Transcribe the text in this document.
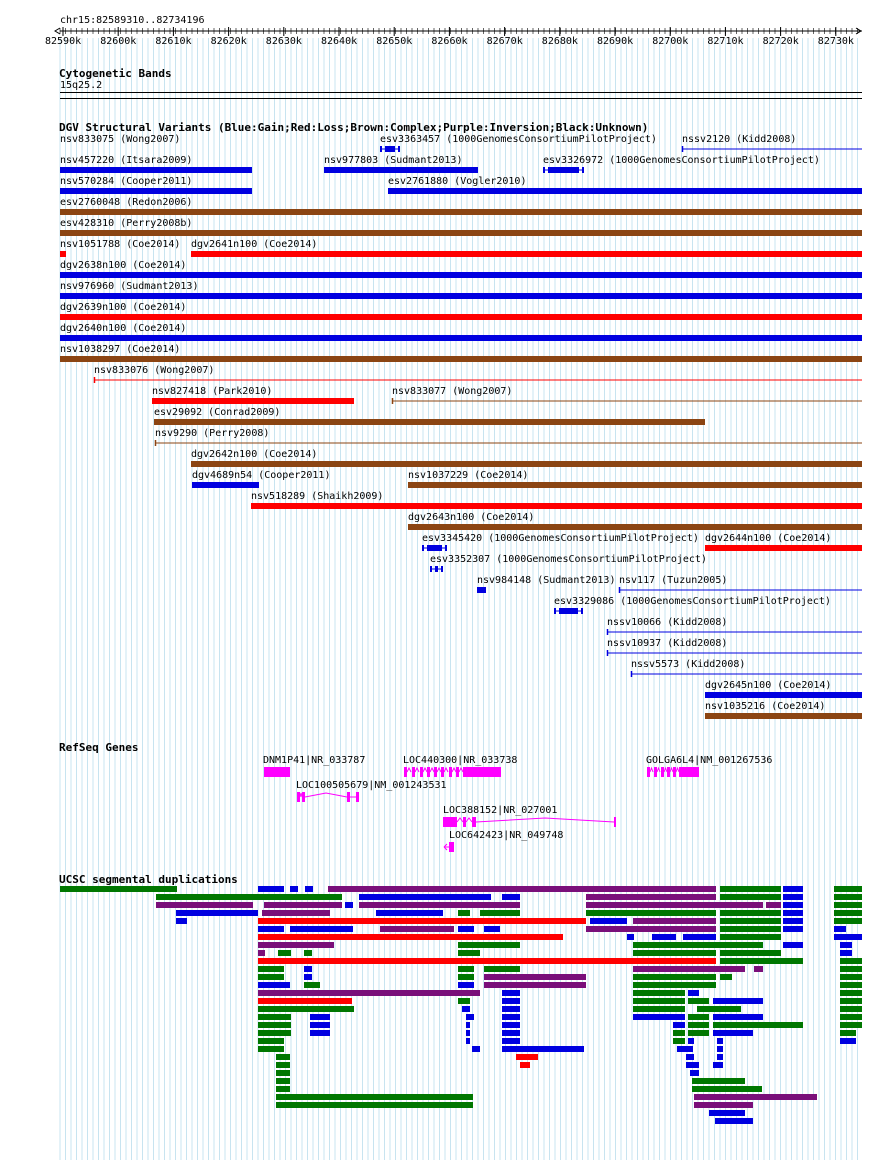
chr15:82589310..82734196
82590k 82600k 82610k 82620k 82630k 82640k 82650k 82660k 82670k 82680k 82690k 82700k 82710k 82720k 82730k
Cytogenetic Bands
15q25.2
DGV Structural Variants (Blue:Gain;Red:Loss;Brown:Complex;Purple:Inversion;Black:Unknown)
nsv833075 (Wong2007)	esv3363457 (1000GenomesConsortiumPilotProject)	nssv2120 (Kidd2008)
nsv457220 (Itsara2009)	nsv977803 (Sudmant2013)	esv3326972 (1000GenomesConsortiumPilotProject)
nsv570284 (Cooper2011)	esv2761880 (Vogler2010)
esv2760048 (Redon2006)
esv428310 (Perry2008b)
nsv1051788 (Coe2014) dgv2641n100 (Coe2014)
dgv2638n100 (Coe2014)
nsv976960 (Sudmant2013)
dgv2639n100 (Coe2014)
dgv2640n100 (Coe2014)
nsv1038297 (Coe2014)
nsv833076 (Wong2007)
nsv827418 (Park2010)	nsv833077 (Wong2007)
esv29092 (Conrad2009)
nsv9290 (Perry2008)
dgv2642n100 (Coe2014)
dgv4689n54 (Cooper2011)	nsv1037229 (Coe2014)
nsv518289 (Shaikh2009)
dgv2643n100 (Coe2014)
esv3345420 (1000GenomesConsortiumPilotProject) dgv2644n100 (Coe2014)
esv3352307 (1000GenomesConsortiumPilotProject)
nsv984148 (Sudmant2013) nsv117 (Tuzun2005)
esv3329086 (1000GenomesConsortiumPilotProject)
nssv10066 (Kidd2008)
nssv10937 (Kidd2008)
nssv5573 (Kidd2008)
dgv2645n100 (Coe2014)
nsv1035216 (Coe2014)
RefSeq Genes
DNM1P41|NR_033787	LOC440300|NR_033738	GOLGA6L4|NM_001267536
LOC100505679|NM_001243531
LOC388152|NR_027001
LOC642423|NR_049748
UCSC segmental duplications
